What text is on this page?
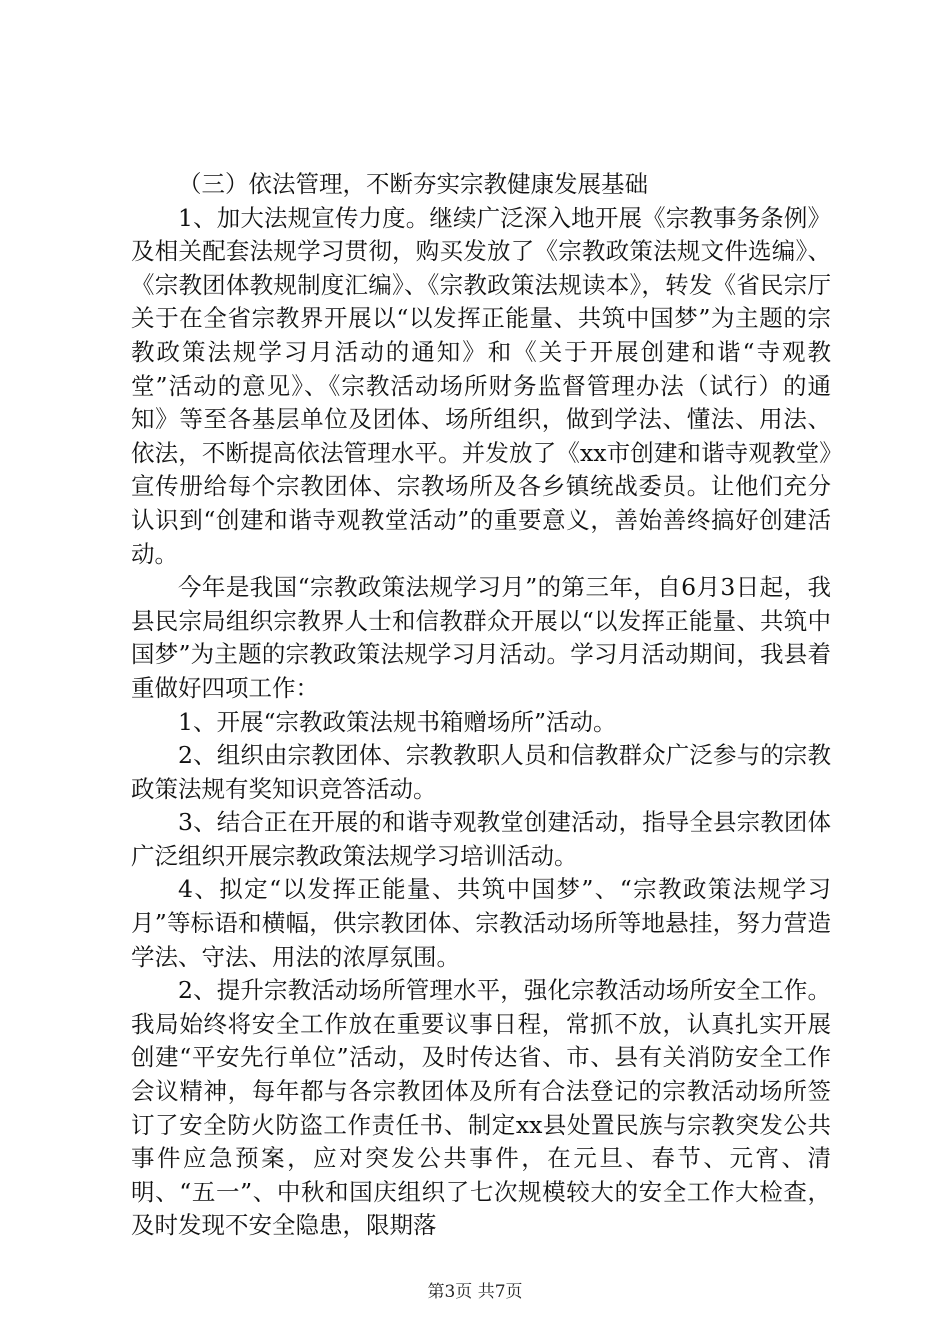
（三）依法管理，不断夯实宗教健康发展基础

1、加大法规宣传力度。继续广泛深入地开展《宗教事务条例》及相关配套法规学习贯彻，购买发放了《宗教政策法规文件选编》、《宗教团体教规制度汇编》、《宗教政策法规读本》，转发《省民宗厅关于在全省宗教界开展以“以发挥正能量、共筑中国梦”为主题的宗教政策法规学习月活动的通知》和《关于开展创建和谐“寺观教堂”活动的意见》、《宗教活动场所财务监督管理办法（试行）的通知》等至各基层单位及团体、场所组织，做到学法、懂法、用法、依法，不断提高依法管理水平。并发放了《xx市创建和谐寺观教堂》宣传册给每个宗教团体、宗教场所及各乡镇统战委员。让他们充分认识到“创建和谐寺观教堂活动”的重要意义，善始善终搞好创建活动。

今年是我国“宗教政策法规学习月”的第三年，自6月3日起，我县民宗局组织宗教界人士和信教群众开展以“以发挥正能量、共筑中国梦”为主题的宗教政策法规学习月活动。学习月活动期间，我县着重做好四项工作：

1、开展“宗教政策法规书箱赠场所”活动。

2、组织由宗教团体、宗教教职人员和信教群众广泛参与的宗教政策法规有奖知识竞答活动。

3、结合正在开展的和谐寺观教堂创建活动，指导全县宗教团体广泛组织开展宗教政策法规学习培训活动。

4、拟定“以发挥正能量、共筑中国梦”、“宗教政策法规学习月”等标语和横幅，供宗教团体、宗教活动场所等地悬挂，努力营造学法、守法、用法的浓厚氛围。

2、提升宗教活动场所管理水平，强化宗教活动场所安全工作。我局始终将安全工作放在重要议事日程，常抓不放，认真扎实开展创建“平安先行单位”活动，及时传达省、市、县有关消防安全工作会议精神，每年都与各宗教团体及所有合法登记的宗教活动场所签订了安全防火防盗工作责任书、制定xx县处置民族与宗教突发公共事件应急预案，应对突发公共事件，在元旦、春节、元宵、清明、“五一”、中秋和国庆组织了七次规模较大的安全工作大检查，及时发现不安全隐患，限期落

第3页 共7页
